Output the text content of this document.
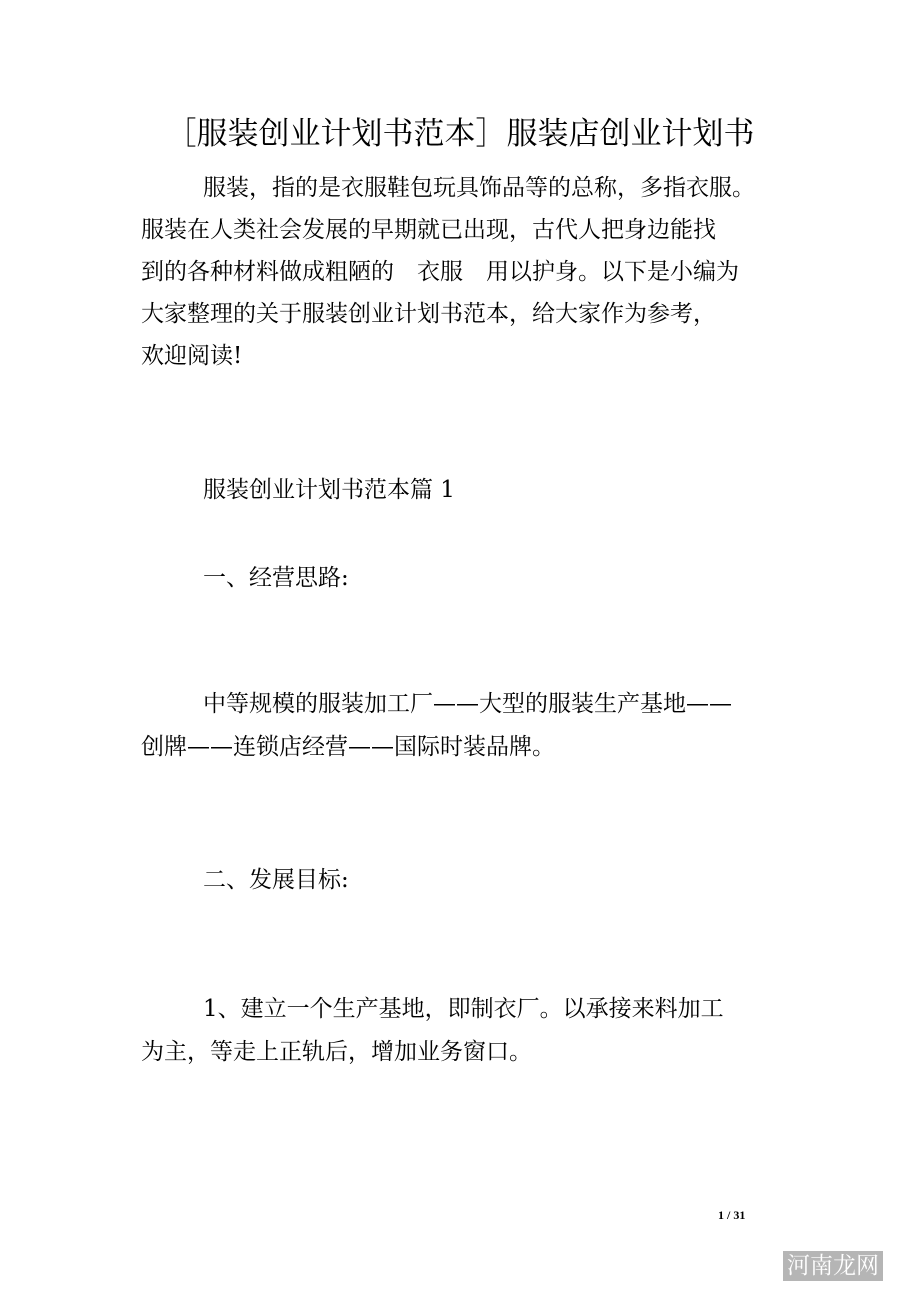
［服装创业计划书范本］服装店创业计划书
服装，指的是衣服鞋包玩具饰品等的总称，多指衣服。
服装在人类社会发展的早期就已出现，古代人把身边能找
到的各种材料做成粗陋的　衣服　用以护身。以下是小编为
大家整理的关于服装创业计划书范本，给大家作为参考，
欢迎阅读!
服装创业计划书范本篇 1
一、经营思路:
中等规模的服装加工厂——大型的服装生产基地——
创牌——连锁店经营——国际时装品牌。
二、发展目标:
1、建立一个生产基地，即制衣厂。以承接来料加工
为主，等走上正轨后，增加业务窗口。
1 / 31
河南龙网
